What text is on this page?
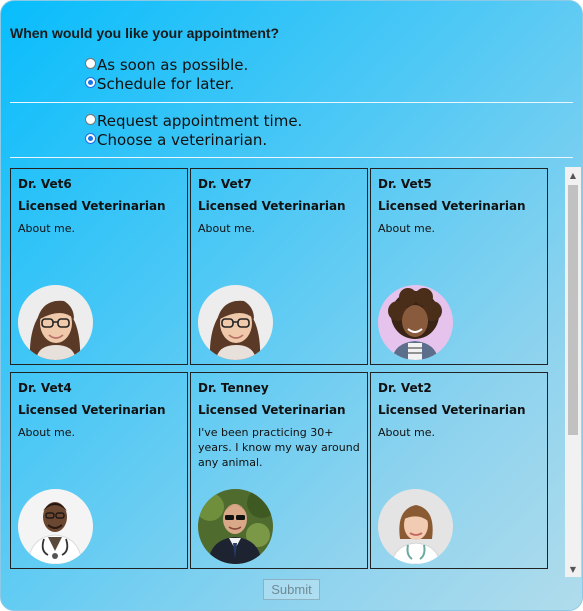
When would you like your appointment?
As soon as possible.
Schedule for later.
Request appointment time.
Choose a veterinarian.
Dr. Vet6
Licensed Veterinarian
About me.
Dr. Vet7
Licensed Veterinarian
About me.
Dr. Vet5
Licensed Veterinarian
About me.
Dr. Vet4
Licensed Veterinarian
About me.
Dr. Tenney
Licensed Veterinarian
I've been practicing 30+ years. I know my way around any animal.
Dr. Vet2
Licensed Veterinarian
About me.
▲
▼
Submit
